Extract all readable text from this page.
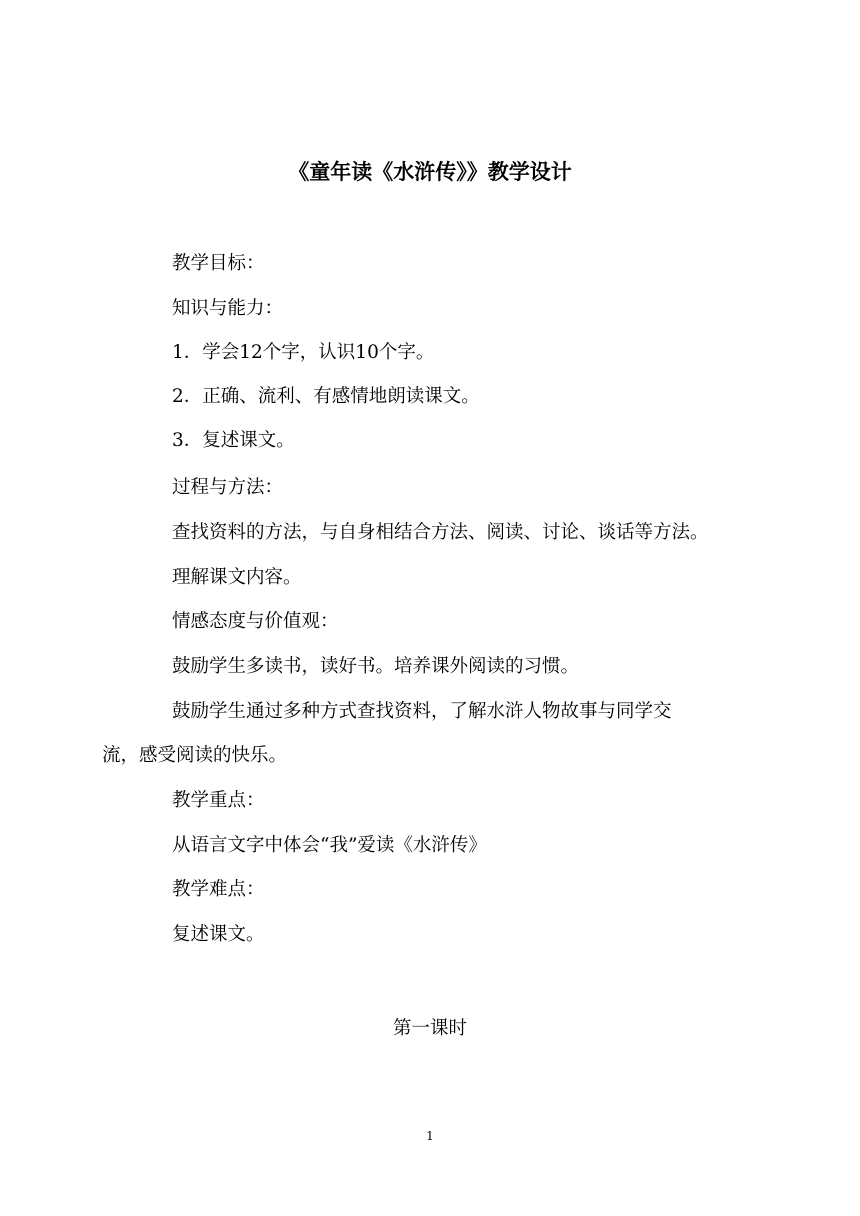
《童年读《水浒传》》教学设计
教学目标：
知识与能力：
1．学会12个字，认识10个字。
2．正确、流利、有感情地朗读课文。
3．复述课文。
过程与方法：
查找资料的方法，与自身相结合方法、阅读、讨论、谈话等方法。
理解课文内容。
情感态度与价值观：
鼓励学生多读书，读好书。培养课外阅读的习惯。
鼓励学生通过多种方式查找资料，了解水浒人物故事与同学交
流，感受阅读的快乐。
教学重点：
从语言文字中体会“我”爱读《水浒传》
教学难点：
复述课文。
第一课时
1
